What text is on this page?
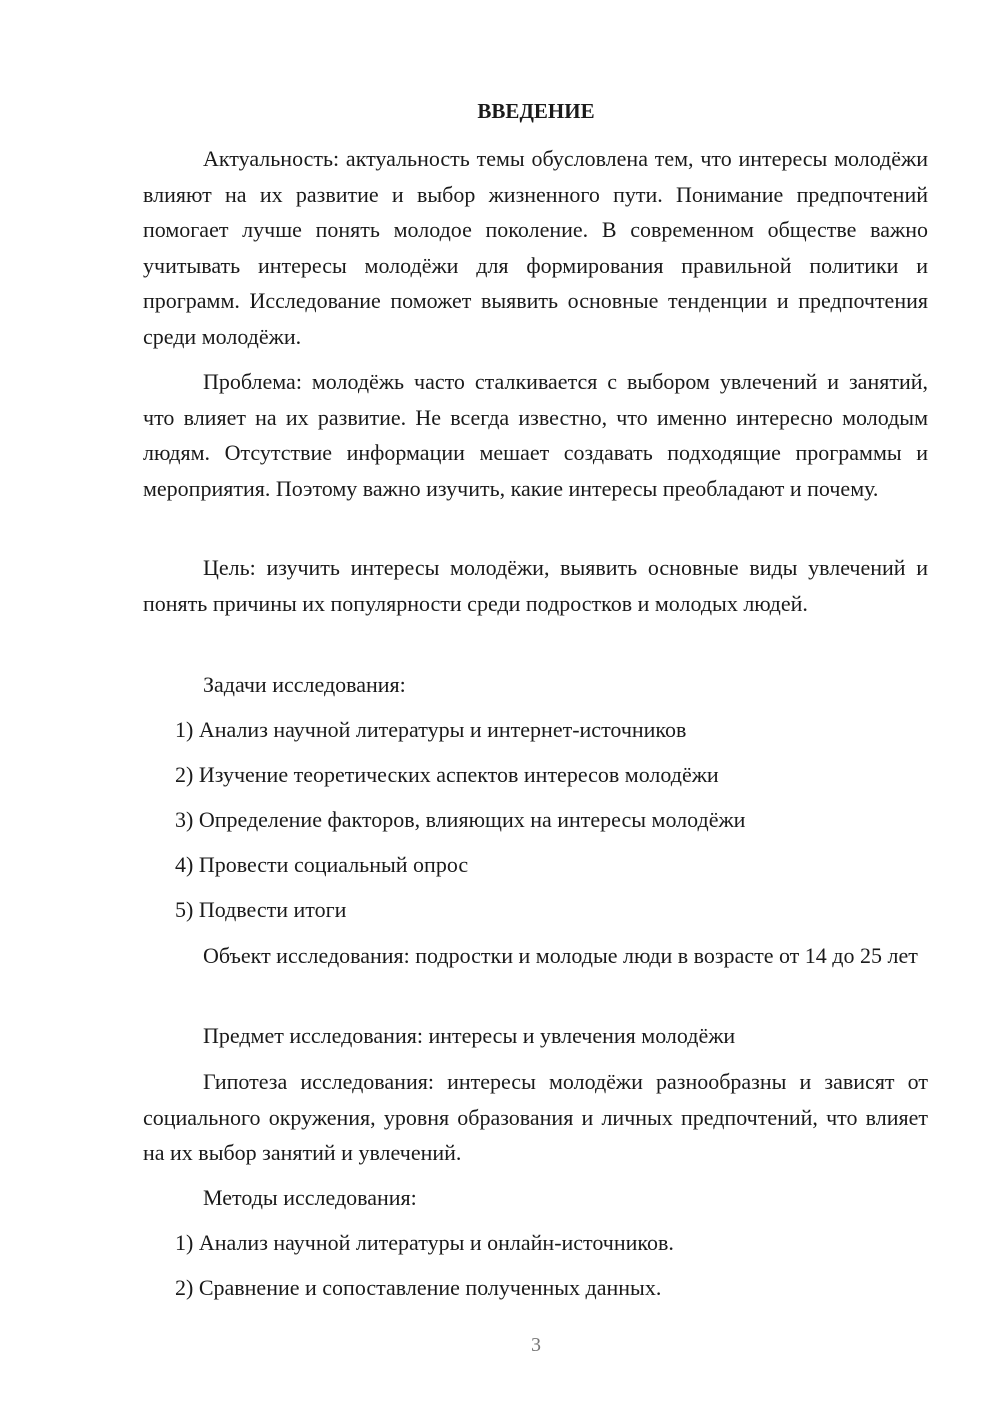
ВВЕДЕНИЕ

Актуальность: актуальность темы обусловлена тем, что интересы молодёжи влияют на их развитие и выбор жизненного пути. Понимание предпочтений помогает лучше понять молодое поколение. В современном обществе важно учитывать интересы молодёжи для формирования правильной политики и программ. Исследование поможет выявить основные тенденции и предпочтения среди молодёжи.

Проблема: молодёжь часто сталкивается с выбором увлечений и занятий, что влияет на их развитие. Не всегда известно, что именно интересно молодым людям. Отсутствие информации мешает создавать подходящие программы и мероприятия. Поэтому важно изучить, какие интересы преобладают и почему.

Цель: изучить интересы молодёжи, выявить основные виды увлечений и понять причины их популярности среди подростков и молодых людей.

Задачи исследования:

1) Анализ научной литературы и интернет-источников

2) Изучение теоретических аспектов интересов молодёжи

3) Определение факторов, влияющих на интересы молодёжи

4) Провести социальный опрос

5) Подвести итоги

Объект исследования: подростки и молодые люди в возрасте от 14 до 25 лет

Предмет исследования: интересы и увлечения молодёжи

Гипотеза исследования: интересы молодёжи разнообразны и зависят от социального окружения, уровня образования и личных предпочтений, что влияет на их выбор занятий и увлечений.

Методы исследования:

1) Анализ научной литературы и онлайн-источников.

2) Сравнение и сопоставление полученных данных.

3
